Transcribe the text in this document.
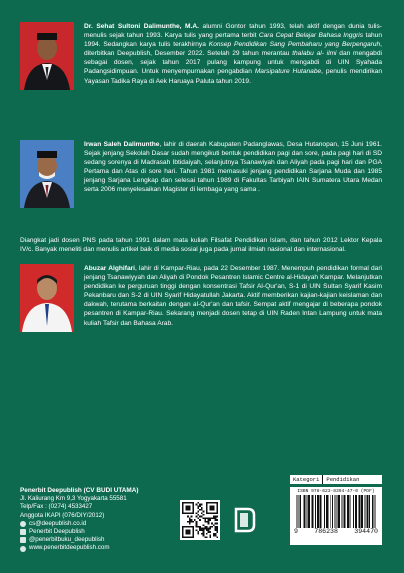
Dr. Sehat Sultoni Dalimunthe, M.A. alumni Gontor tahun 1993, telah aktif dengan dunia tulis-menulis sejak tahun 1993. Karya tulis yang pertama terbit Cara Cepat Belajar Bahasa Inggris tahun 1994. Sedangkan karya tulis terakhirnya Konsep Pendidikan Sang Pembaharu yang Berpengaruh, diterbitkan Deepublish, Desember 2022. Setelah 29 tahun merantau thalabu al- ilmi dan mengabdi sebagai dosen, sejak tahun 2017 pulang kampung untuk mengabdi di UIN Syahada Padangsidimpuan. Untuk menyempurnakan pengabdian Marsipature Hutanabe, penulis mendirikan Yayasan Tadika Raya di Aek Haruaya Paluta tahun 2019.

Irwan Saleh Dalimunthe, lahir di daerah Kabupaten Padanglawas, Desa Hutanopan, 15 Juni 1961. Sejak jenjang Sekolah Dasar sudah mengikuti bentuk pendidikan pagi dan sore, pada pagi hari di SD sedang sorenya di Madrasah Ibtidaiyah, selanjutnya Tsanawiyah dan Aliyah pada pagi hari dan PGA Pertama dan Atas di sore hari. Tahun 1981 memasuki jenjang pendidikan Sarjana Muda dan 1985 jenjang Sarjana Lengkap dan selesai tahun 1989 di Fakultas Tarbiyah IAIN Sumatera Utara Medan serta 2006 menyelesaikan Magister di lembaga yang sama .

Diangkat jadi dosen PNS pada tahun 1991 dalam mata kuliah Filsafat Pendidikan Islam, dan tahun 2012 Lektor Kepala IV/c. Banyak meneliti dan menulis artikel baik di media sosial juga pada jurnal ilmiah nasional dan internasional.

Abuzar Alghifari, lahir di Kampar-Riau, pada 22 Desember 1987. Menempuh pendidikan formal dari jenjang Tsanawiyyah dan Aliyah di Pondok Pesantren Islamic Centre al-Hidayah Kampar. Melanjutkan pendidikan ke perguruan tinggi dengan konsentrasi Tafsir Al-Qur'an, S-1 di UIN Sultan Syarif Kasim Pekanbaru dan S-2 di UIN Syarif Hidayatullah Jakarta. Aktif memberikan kajian-kajian keislaman dan dakwah, terutama berkaitan dengan al-Qur'an dan tafsir. Sempat aktif mengajar di beberapa pondok pesantren di Kampar-Riau. Sekarang menjadi dosen tetap di UIN Raden Intan Lampung untuk mata kuliah Tafsir dan Bahasa Arab.

Penerbit Deepublish (CV BUDI UTAMA)
Jl. Kaliurang Km 9,3 Yogyakarta 55581
Telp/Fax : (0274) 4533427
Anggota IKAPI (076/DIY/2012)
cs@deepublish.co.id
Penerbit Deepublish
@penerbitbuku_deepublish
www.penerbitdeepublish.com
Kategori	Pendidikan
ISBN 978-623-8394-47-0 (PDF)
9 786238 394470
